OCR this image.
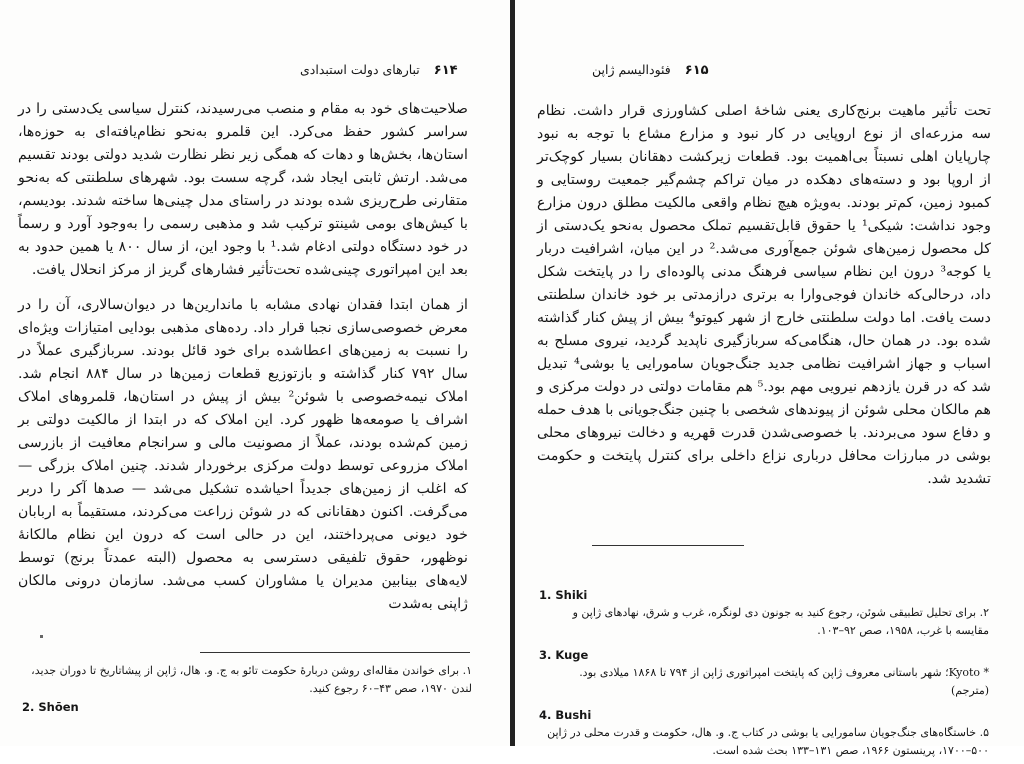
۶۱۴
تبارهای دولت استبدادی

صلاحیت‌های خود به مقام و منصب می‌رسیدند، کنترل سیاسی یک‌دستی را در سراسر کشور حفظ می‌کرد. این قلمرو به‌نحو نظام‌یافته‌ای به حوزه‌ها، استان‌ها، بخش‌ها و دهات که همگی زیر نظر نظارت شدید دولتی بودند تقسیم می‌شد. ارتش ثابتی ایجاد شد، گرچه سست بود. شهرهای سلطنتی که به‌نحو متقارنی طرح‌ریزی شده بودند در راستای مدل چینی‌ها ساخته شدند. بودیسم، با کیش‌های بومی شینتو ترکیب شد و مذهبی رسمی را به‌وجود آورد و رسماً در خود دستگاه دولتی ادغام شد.¹ با وجود این، از سال ۸۰۰ یا همین حدود به بعد این امپراتوری چینی‌شده تحت‌تأثیر فشارهای گریز از مرکز انحلال یافت.

از همان ابتدا فقدان نهادی مشابه با ماندارین‌ها در دیوان‌سالاری، آن را در معرض خصوصی‌سازی نجبا قرار داد. رده‌های مذهبی بودایی امتیازات ویژه‌ای را نسبت به زمین‌های اعطاشده برای خود قائل بودند. سربازگیری عملاً در سال ۷۹۲ کنار گذاشته و بازتوزیع قطعات زمین‌ها در سال ۸۸۴ انجام شد. املاک نیمه‌خصوصی با شوئن² بیش از پیش در استان‌ها، قلمروهای املاک اشراف یا صومعه‌ها ظهور کرد. این املاک که در ابتدا از مالکیت دولتی بر زمین کم‌شده بودند، عملاً از مصونیت مالی و سرانجام معافیت از بازرسی املاک مزروعی توسط دولت مرکزی برخوردار شدند. چنین املاک بزرگی — که اغلب از زمین‌های جدیداً احیاشده تشکیل می‌شد — صدها آکر را دربر می‌گرفت. اکنون دهقانانی که در شوئن زراعت می‌کردند، مستقیماً به اربابان خود دیونی می‌پرداختند، این در حالی است که درون این نظام مالکانهٔ نوظهور، حقوق تلفیقی دسترسی به محصول (البته عمدتاً برنج) توسط لایه‌های بینابین مدیران یا مشاوران کسب می‌شد. سازمان درونی مالکان ژاپنی به‌شدت

۱. برای خواندن مقاله‌ای روشن دربارهٔ حکومت تائو به ج. و. هال، ژاپن از پیشاتاریخ تا دوران جدید، لندن ۱۹۷۰، صص ۴۳–۶۰ رجوع کنید.

2. Shōen
۶۱۵
فئودالیسم ژاپن

تحت تأثیر ماهیت برنج‌کاری یعنی شاخهٔ اصلی کشاورزی قرار داشت. نظام سه مزرعه‌ای از نوع اروپایی در کار نبود و مزارع مشاع با توجه به نبود چارپایان اهلی نسبتاً بی‌اهمیت بود. قطعات زیرکشت دهقانان بسیار کوچک‌تر از اروپا بود و دسته‌های دهکده در میان تراکم چشم‌گیر جمعیت روستایی و کمبود زمین، کم‌تر بودند. به‌ویژه هیچ نظام واقعی مالکیت مطلق درون مزارع وجود نداشت: شیکی¹ یا حقوق قابل‌تقسیم تملک محصول به‌نحو یک‌دستی از کل محصول زمین‌های شوئن جمع‌آوری می‌شد.² در این میان، اشرافیت دربار یا کوجه³ درون این نظام سیاسی فرهنگ مدنی پالوده‌ای را در پایتخت شکل داد، درحالی‌که خاندان فوجی‌وارا به برتری درازمدتی بر خود خاندان سلطنتی دست یافت. اما دولت سلطنتی خارج از شهر کیوتو⁴ بیش از پیش کنار گذاشته شده بود. در همان حال، هنگامی‌که سربازگیری ناپدید گردید، نیروی مسلح به اسباب و جهاز اشرافیت نظامی جدید جنگ‌جویان سامورایی یا بوشی⁴ تبدیل شد که در قرن یازدهم نیرویی مهم بود.⁵ هم مقامات دولتی در دولت مرکزی و هم مالکان محلی شوئن از پیوندهای شخصی با چنین جنگ‌جویانی با هدف حمله و دفاع سود می‌بردند. با خصوصی‌شدن قدرت قهریه و دخالت نیروهای محلی بوشی در مبارزات محافل درباری نزاع داخلی برای کنترل پایتخت و حکومت تشدید شد.

1. Shiki

۲. برای تحلیل تطبیقی شوئن، رجوع کنید به جونون دی لونگره، غرب و شرق، نهادهای ژاپن و مقایسه با غرب، ۱۹۵۸، صص ۹۲–۱۰۳.

3. Kuge

* Kyoto؛ شهر باستانی معروف ژاپن که پایتخت امپراتوری ژاپن از ۷۹۴ تا ۱۸۶۸ میلادی بود. (مترجم)

4. Bushi

۵. خاستگاه‌های جنگ‌جویان سامورایی یا بوشی در کتاب ج. و. هال، حکومت و قدرت محلی در ژاپن ۵۰۰–۱۷۰۰، پرینستون ۱۹۶۶، صص ۱۳۱–۱۳۳ بحث شده است.
